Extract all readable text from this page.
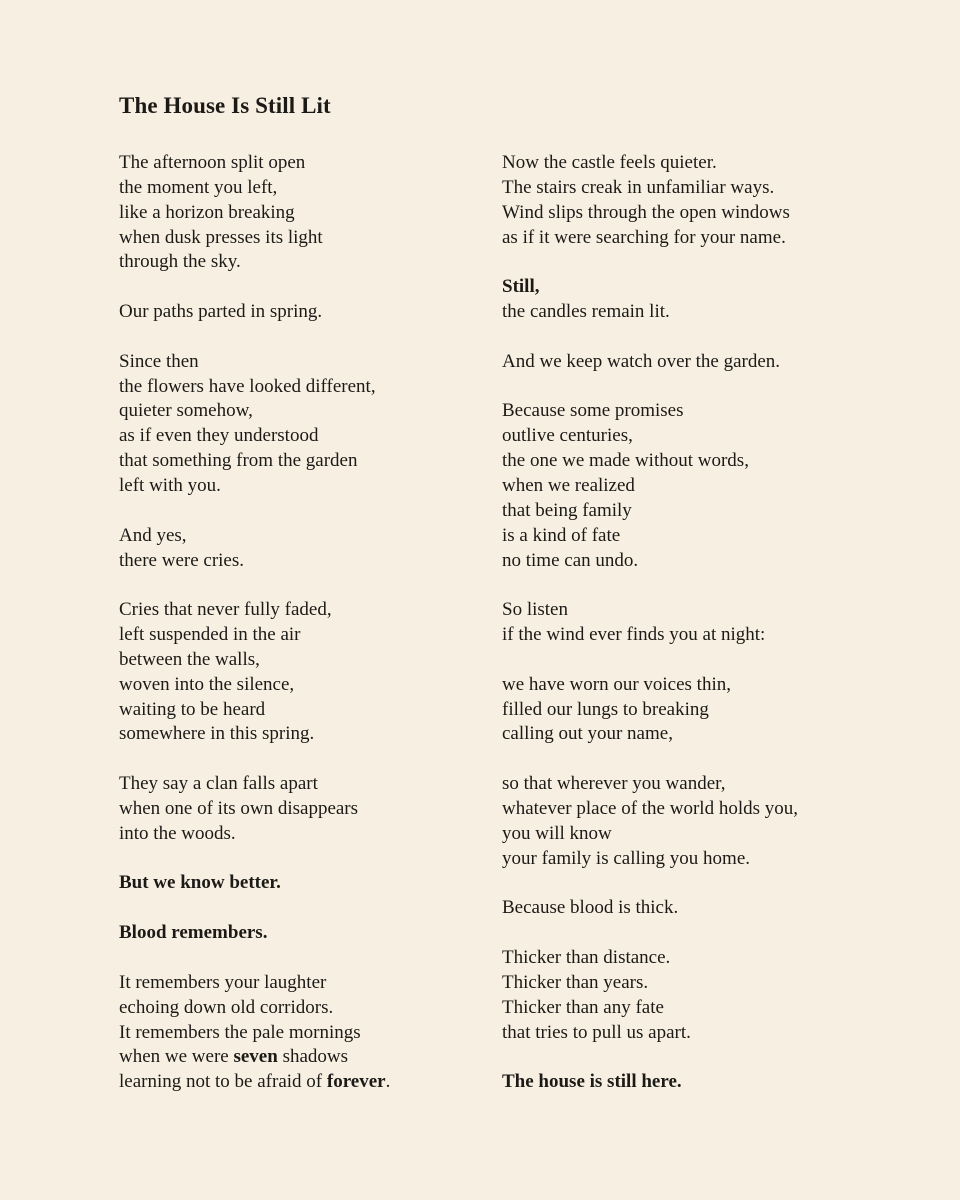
The House Is Still Lit

The afternoon split open
the moment you left,
like a horizon breaking
when dusk presses its light
through the sky.

Our paths parted in spring.

Since then
the flowers have looked different,
quieter somehow,
as if even they understood
that something from the garden
left with you.

And yes,
there were cries.

Cries that never fully faded,
left suspended in the air
between the walls,
woven into the silence,
waiting to be heard
somewhere in this spring.

They say a clan falls apart
when one of its own disappears
into the woods.

But we know better.

Blood remembers.

It remembers your laughter
echoing down old corridors.
It remembers the pale mornings
when we were seven shadows
learning not to be afraid of forever.

Now the castle feels quieter.
The stairs creak in unfamiliar ways.
Wind slips through the open windows
as if it were searching for your name.

Still,
the candles remain lit.

And we keep watch over the garden.

Because some promises
outlive centuries,
the one we made without words,
when we realized
that being family
is a kind of fate
no time can undo.

So listen
if the wind ever finds you at night:

we have worn our voices thin,
filled our lungs to breaking
calling out your name,

so that wherever you wander,
whatever place of the world holds you,
you will know
your family is calling you home.

Because blood is thick.

Thicker than distance.
Thicker than years.
Thicker than any fate
that tries to pull us apart.

The house is still here.
